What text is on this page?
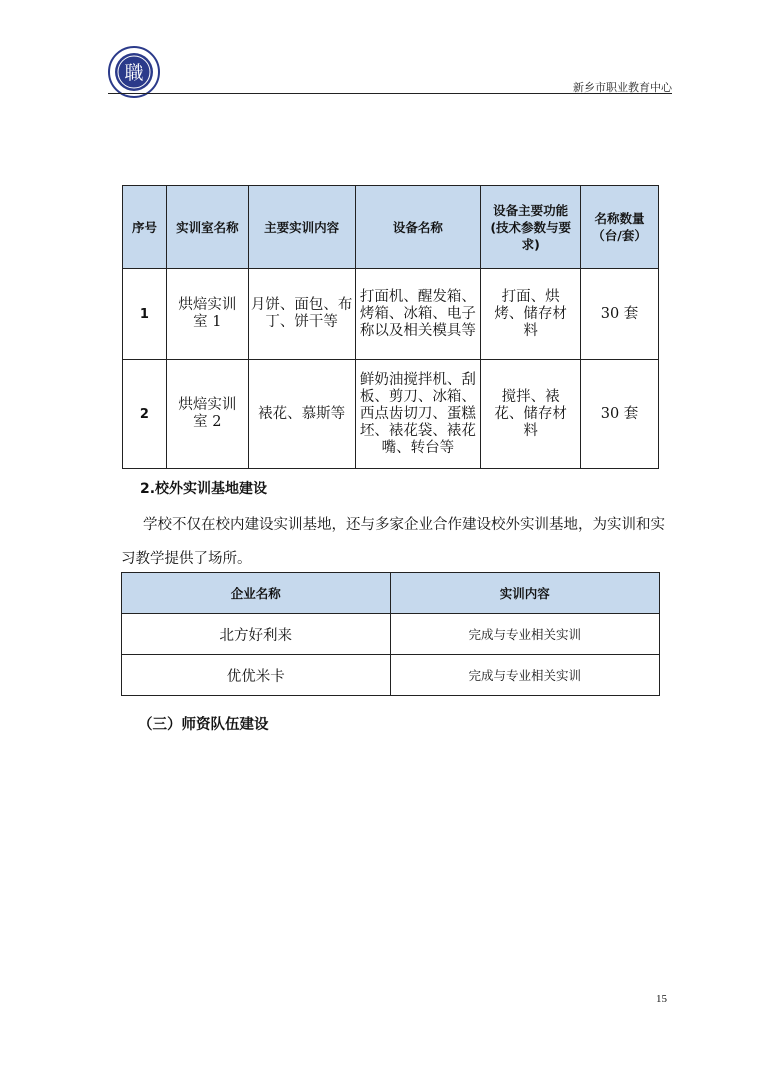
職
新乡市职业教育中心
序号	实训室名称	主要实训内容	设备名称	设备主要功能(技术参数与要求)	名称数量（台/套）
1	烘焙实训室 1	月饼、面包、布丁、饼干等	打面机、醒发箱、烤箱、冰箱、电子称以及相关模具等	打面、烘烤、储存材料	30 套
2	烘焙实训室 2	裱花、慕斯等	鲜奶油搅拌机、刮板、剪刀、冰箱、西点齿切刀、蛋糕坯、裱花袋、裱花嘴、转台等	搅拌、裱花、储存材料	30 套
2.校外实训基地建设
学校不仅在校内建设实训基地，还与多家企业合作建设校外实训基地，为实训和实习教学提供了场所。
企业名称	实训内容
北方好利来	完成与专业相关实训
优优米卡	完成与专业相关实训
（三）师资队伍建设
15
